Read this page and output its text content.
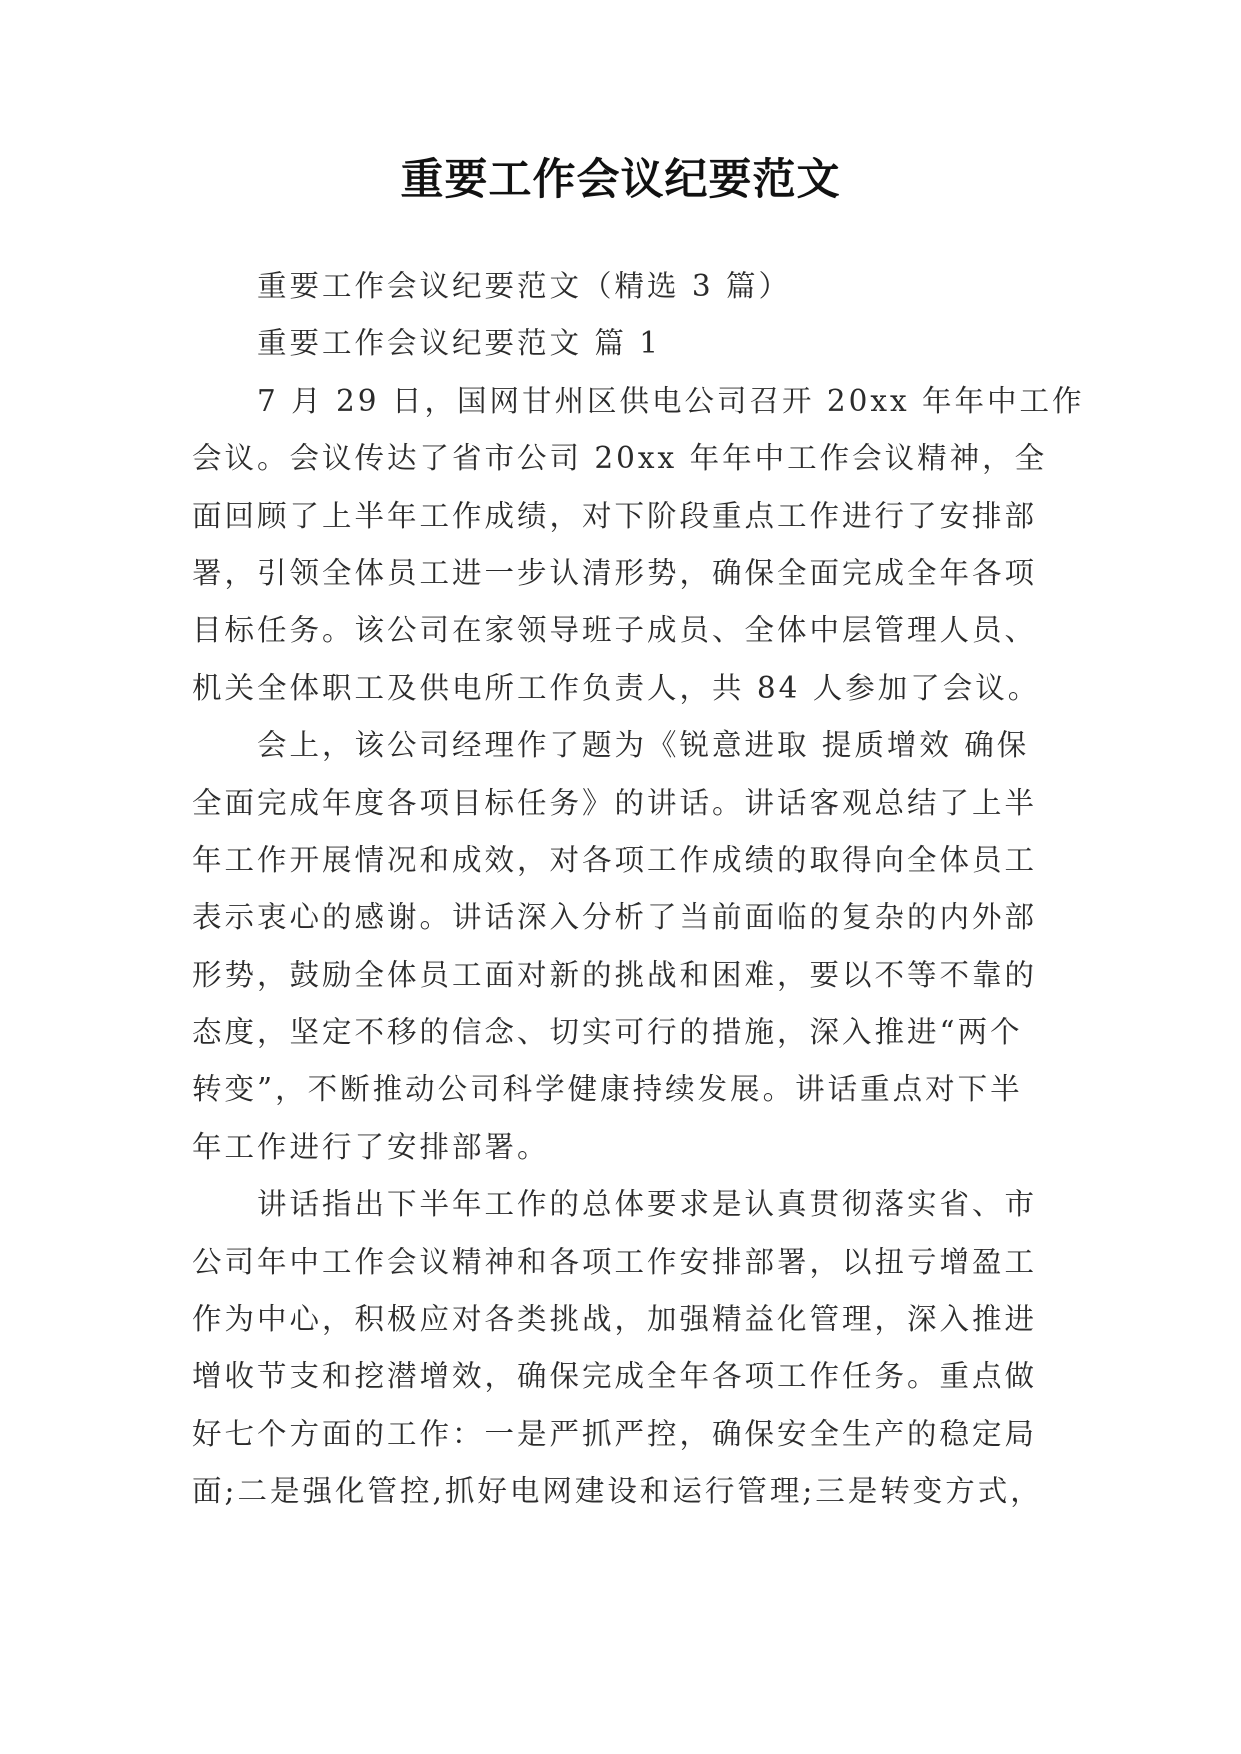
重要工作会议纪要范文
　　重要工作会议纪要范文（精选 3 篇）
　　重要工作会议纪要范文 篇 1
　　7 月 29 日，国网甘州区供电公司召开 20xx 年年中工作
会议。会议传达了省市公司 20xx 年年中工作会议精神，全
面回顾了上半年工作成绩，对下阶段重点工作进行了安排部
署，引领全体员工进一步认清形势，确保全面完成全年各项
目标任务。该公司在家领导班子成员、全体中层管理人员、
机关全体职工及供电所工作负责人，共 84 人参加了会议。
　　会上，该公司经理作了题为《锐意进取 提质增效 确保
全面完成年度各项目标任务》的讲话。讲话客观总结了上半
年工作开展情况和成效，对各项工作成绩的取得向全体员工
表示衷心的感谢。讲话深入分析了当前面临的复杂的内外部
形势，鼓励全体员工面对新的挑战和困难，要以不等不靠的
态度，坚定不移的信念、切实可行的措施，深入推进“两个
转变”，不断推动公司科学健康持续发展。讲话重点对下半
年工作进行了安排部署。
　　讲话指出下半年工作的总体要求是认真贯彻落实省、市
公司年中工作会议精神和各项工作安排部署，以扭亏增盈工
作为中心，积极应对各类挑战，加强精益化管理，深入推进
增收节支和挖潜增效，确保完成全年各项工作任务。重点做
好七个方面的工作：一是严抓严控，确保安全生产的稳定局
面;二是强化管控,抓好电网建设和运行管理;三是转变方式，
